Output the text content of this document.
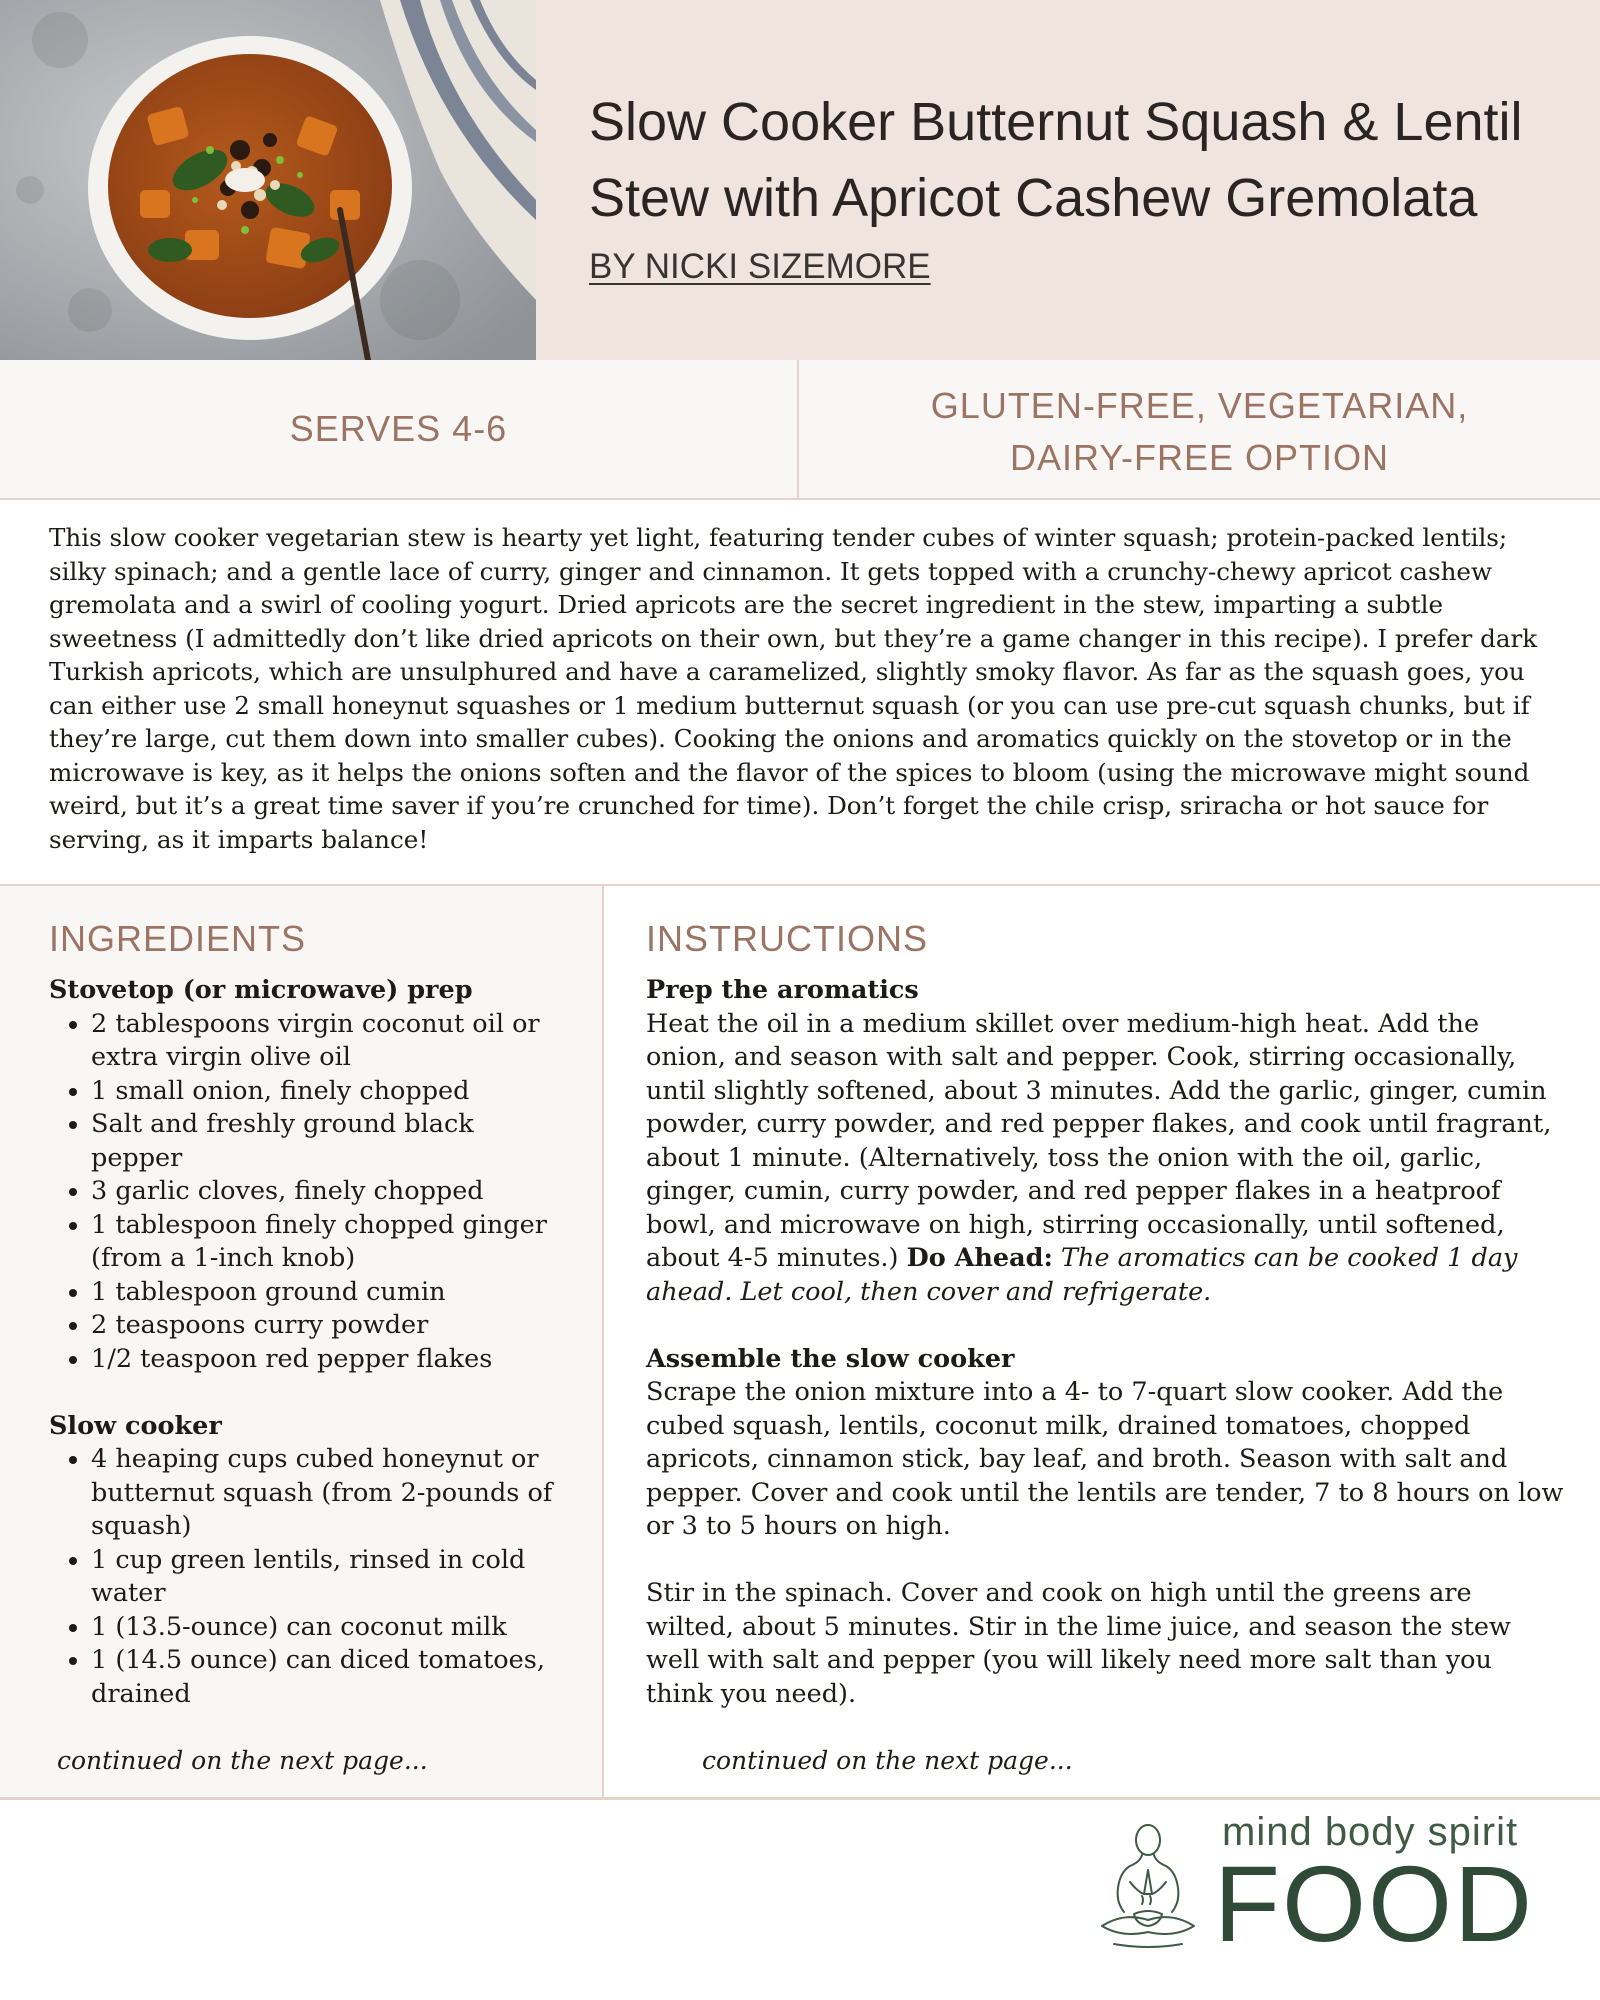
Slow Cooker Butternut Squash & Lentil Stew with Apricot Cashew Gremolata

BY NICKI SIZEMORE

SERVES 4-6
GLUTEN-FREE, VEGETARIAN,
DAIRY-FREE OPTION

This slow cooker vegetarian stew is hearty yet light, featuring tender cubes of winter squash; protein-packed lentils; silky spinach; and a gentle lace of curry, ginger and cinnamon. It gets topped with a crunchy-chewy apricot cashew gremolata and a swirl of cooling yogurt. Dried apricots are the secret ingredient in the stew, imparting a subtle sweetness (I admittedly don’t like dried apricots on their own, but they’re a game changer in this recipe). I prefer dark Turkish apricots, which are unsulphured and have a caramelized, slightly smoky flavor. As far as the squash goes, you can either use 2 small honeynut squashes or 1 medium butternut squash (or you can use pre-cut squash chunks, but if they’re large, cut them down into smaller cubes). Cooking the onions and aromatics quickly on the stovetop or in the microwave is key, as it helps the onions soften and the flavor of the spices to bloom (using the microwave might sound weird, but it’s a great time saver if you’re crunched for time). Don’t forget the chile crisp, sriracha or hot sauce for serving, as it imparts balance!

INGREDIENTS

Stovetop (or microwave) prep

• 2 tablespoons virgin coconut oil or extra virgin olive oil
• 1 small onion, finely chopped
• Salt and freshly ground black pepper
• 3 garlic cloves, finely chopped
• 1 tablespoon finely chopped ginger (from a 1-inch knob)
• 1 tablespoon ground cumin
• 2 teaspoons curry powder
• 1/2 teaspoon red pepper flakes

Slow cooker

• 4 heaping cups cubed honeynut or butternut squash (from 2-pounds of squash)
• 1 cup green lentils, rinsed in cold water
• 1 (13.5-ounce) can coconut milk
• 1 (14.5 ounce) can diced tomatoes, drained

continued on the next page...

INSTRUCTIONS

Prep the aromatics

Heat the oil in a medium skillet over medium-high heat. Add the onion, and season with salt and pepper. Cook, stirring occasionally, until slightly softened, about 3 minutes. Add the garlic, ginger, cumin powder, curry powder, and red pepper flakes, and cook until fragrant, about 1 minute. (Alternatively, toss the onion with the oil, garlic, ginger, cumin, curry powder, and red pepper flakes in a heatproof bowl, and microwave on high, stirring occasionally, until softened, about 4-5 minutes.) Do Ahead: The aromatics can be cooked 1 day ahead. Let cool, then cover and refrigerate.

Assemble the slow cooker

Scrape the onion mixture into a 4- to 7-quart slow cooker. Add the cubed squash, lentils, coconut milk, drained tomatoes, chopped apricots, cinnamon stick, bay leaf, and broth. Season with salt and pepper. Cover and cook until the lentils are tender, 7 to 8 hours on low or 3 to 5 hours on high.

Stir in the spinach. Cover and cook on high until the greens are wilted, about 5 minutes. Stir in the lime juice, and season the stew well with salt and pepper (you will likely need more salt than you think you need).

continued on the next page...

mind body spirit

FOOD
